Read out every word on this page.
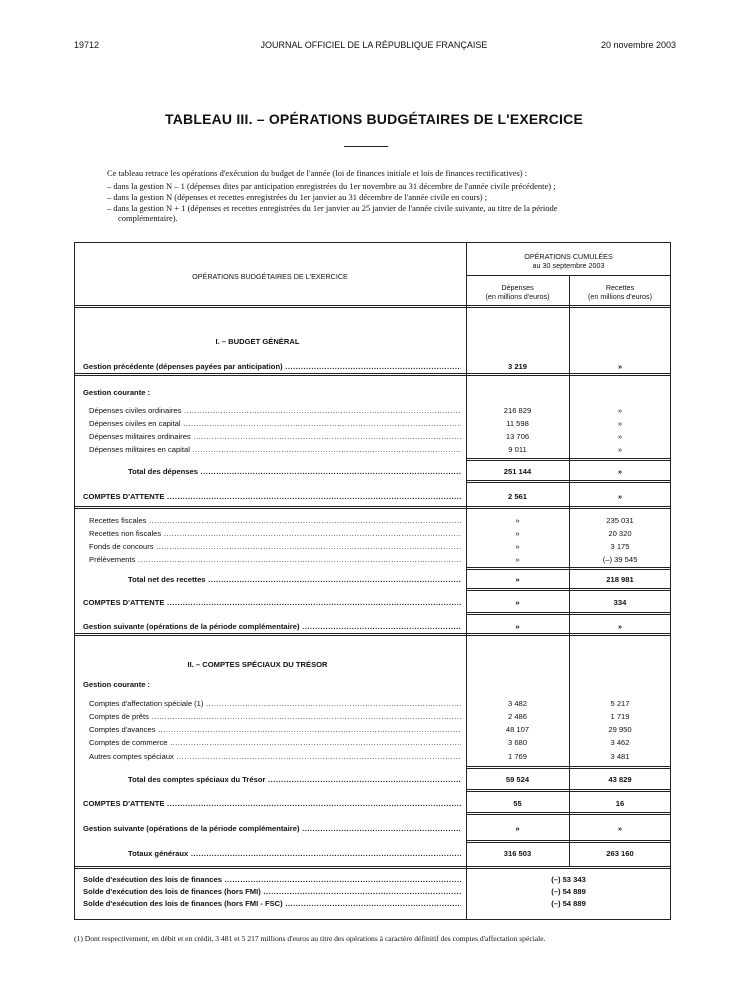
19712	JOURNAL OFFICIEL DE LA RÉPUBLIQUE FRANÇAISE	20 novembre 2003
TABLEAU III. – OPÉRATIONS BUDGÉTAIRES DE L'EXERCICE

Ce tableau retrace les opérations d'exécution du budget de l'année (loi de finances initiale et lois de finances rectificatives) :

– dans la gestion N – 1 (dépenses dites par anticipation enregistrées du 1er novembre au 31 décembre de l'année civile précédente) ;

– dans la gestion N (dépenses et recettes enregistrées du 1er janvier au 31 décembre de l'année civile en cours) ;

– dans la gestion N + 1 (dépenses et recettes enregistrées du 1er janvier au 25 janvier de l'année civile suivante, au titre de la période

complémentaire).

OPÉRATIONS BUDGÉTAIRES DE L'EXERCICE
OPÉRATIONS CUMULÉES
au 30 septembre 2003
Dépenses
(en millions d'euros)
Recettes
(en millions d'euros)
I. – BUDGET GÉNÉRAL
II. – COMPTES SPÉCIAUX DU TRÉSOR
Gestion précédente (dépenses payées par anticipation) .....	3 219	»
Gestion courante :
Dépenses civiles ordinaires .....	216 829	»
Dépenses civiles en capital .....	11 598	»
Dépenses militaires ordinaires .....	13 706	»
Dépenses militaires en capital .....	9 011	»
Total des dépenses .....	251 144	»
COMPTES D'ATTENTE .....	2 561	»
Recettes fiscales .....	»	235 031
Recettes non fiscales .....	»	20 320
Fonds de concours .....	»	3 175
Prélèvements .....	»	(–) 39 545
Total net des recettes .....	»	218 981
COMPTES D'ATTENTE .....	»	334
Gestion suivante (opérations de la période complémentaire) .....	»	»
Gestion courante :
Comptes d'affectation spéciale (1) .....	3 482	5 217
Comptes de prêts .....	2 486	1 719
Comptes d'avances .....	48 107	29 950
Comptes de commerce .....	3 680	3 462
Autres comptes spéciaux .....	1 769	3 481
Total des comptes spéciaux du Trésor .....	59 524	43 829
COMPTES D'ATTENTE .....	55	16
Gestion suivante (opérations de la période complémentaire) .....	»	»
Totaux généraux .....	316 503	263 160
Solde d'exécution des lois de finances .....	(–) 53 343
Solde d'exécution des lois de finances (hors FMI) .....	(–) 54 889
Solde d'exécution des lois de finances (hors FMI - FSC) .....	(–) 54 889
(1) Dont respectivement, en débit et en crédit, 3 481 et 5 217 millions d'euros au titre des opérations à caractère définitif des comptes d'affectation spéciale.
